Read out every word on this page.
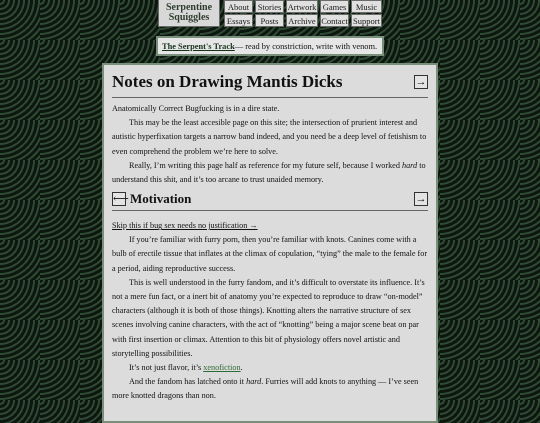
Serpentine
Squiggles
About	Stories Artwork Games	Music
Essays	Posts	Archive Contact Support
The Serpent's Track — read by constriction, write with venom.
Notes on Drawing Mantis Dicks	→

Anatomically Correct Bugfucking is in a dire state.

This may be the least accesible page on this site; the intersection of prurient interest and autistic hyperfixation targets a narrow band indeed, and you need be a deep level of fetishism to even comprehend the problem we’re here to solve.

Really, I’m writing this page half as reference for my future self, because I worked hard to understand this shit, and it’s too arcane to trust unaided memory.

⟵ Motivation	→
Skip this if bug sex needs no justification →

If you’re familiar with furry porn, then you’re familiar with knots. Canines come with a bulb of erectile tissue that inflates at the climax of copulation, “tying” the male to the female for a period, aiding reproductive success.

This is well understood in the furry fandom, and it’s difficult to overstate its influence. It’s not a mere fun fact, or a inert bit of anatomy you’re expected to reproduce to draw “on-model” characters (although it is both of those things). Knotting alters the narrative structure of sex scenes involving canine characters, with the act of “knotting” being a major scene beat on par with first insertion or climax. Attention to this bit of physiology offers novel artistic and storytelling possibilities.

It’s not just flavor, it’s xenofiction.

And the fandom has latched onto it hard. Furries will add knots to anything — I’ve seen more knotted dragons than non.
